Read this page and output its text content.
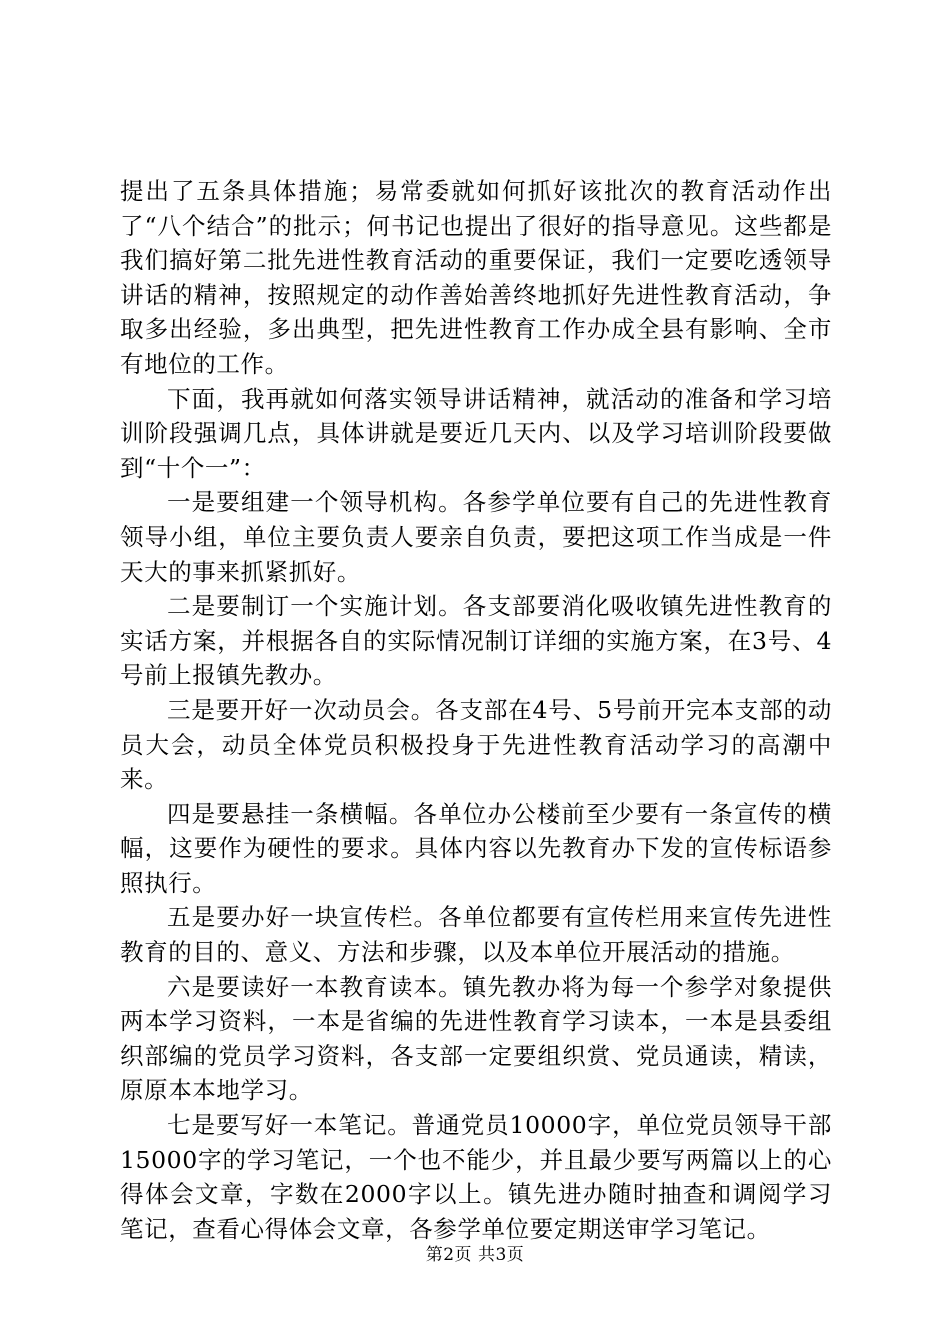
提出了五条具体措施；易常委就如何抓好该批次的教育活动作出了“八个结合”的批示；何书记也提出了很好的指导意见。这些都是我们搞好第二批先进性教育活动的重要保证，我们一定要吃透领导讲话的精神，按照规定的动作善始善终地抓好先进性教育活动，争取多出经验，多出典型，把先进性教育工作办成全县有影响、全市有地位的工作。

下面，我再就如何落实领导讲话精神，就活动的准备和学习培训阶段强调几点，具体讲就是要近几天内、以及学习培训阶段要做到“十个一”：

一是要组建一个领导机构。各参学单位要有自己的先进性教育领导小组，单位主要负责人要亲自负责，要把这项工作当成是一件天大的事来抓紧抓好。

二是要制订一个实施计划。各支部要消化吸收镇先进性教育的实话方案，并根据各自的实际情况制订详细的实施方案，在3号、4号前上报镇先教办。

三是要开好一次动员会。各支部在4号、5号前开完本支部的动员大会，动员全体党员积极投身于先进性教育活动学习的高潮中来。

四是要悬挂一条横幅。各单位办公楼前至少要有一条宣传的横幅，这要作为硬性的要求。具体内容以先教育办下发的宣传标语参照执行。

五是要办好一块宣传栏。各单位都要有宣传栏用来宣传先进性教育的目的、意义、方法和步骤，以及本单位开展活动的措施。

六是要读好一本教育读本。镇先教办将为每一个参学对象提供两本学习资料，一本是省编的先进性教育学习读本，一本是县委组织部编的党员学习资料，各支部一定要组织赏、党员通读，精读，原原本本地学习。

七是要写好一本笔记。普通党员10000字，单位党员领导干部15000字的学习笔记，一个也不能少，并且最少要写两篇以上的心得体会文章，字数在2000字以上。镇先进办随时抽查和调阅学习笔记，查看心得体会文章，各参学单位要定期送审学习笔记。

第2页 共3页
